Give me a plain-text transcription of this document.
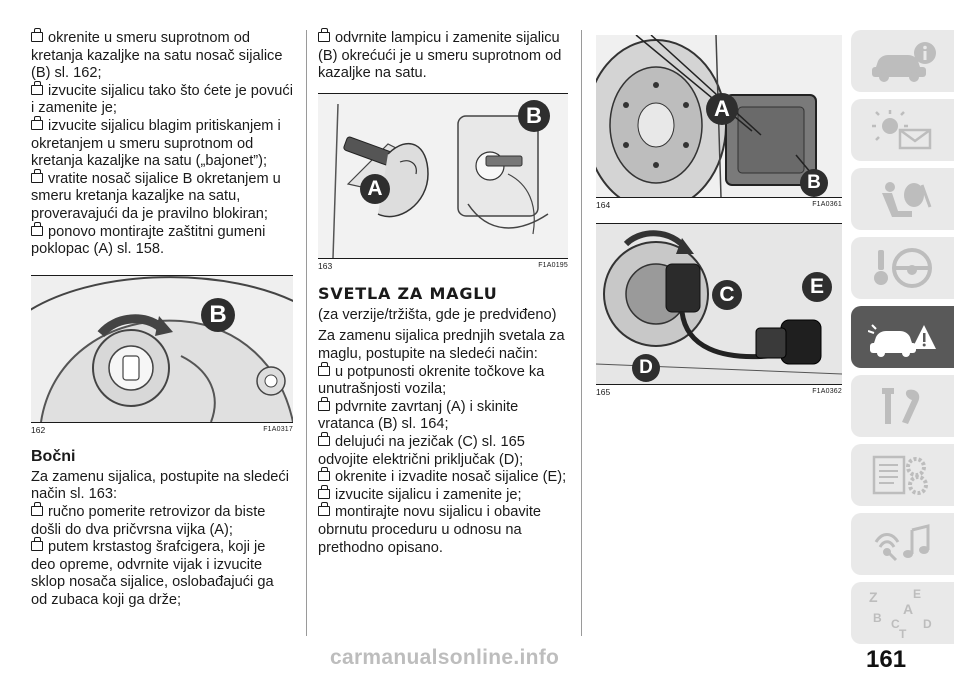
okrenite u smeru suprotnom od kretanja kazaljke na satu nosač sijalice (B) sl. 162;

izvucite sijalicu tako što ćete je povući i zamenite je;

izvucite sijalicu blagim pritiskanjem i okretanjem u smeru suprotnom od kretanja kazaljke na satu („bajonet”);

vratite nosač sijalice B okretanjem u smeru kretanja kazaljke na satu, proveravajući da je pravilno blokiran;

ponovo montirajte zaštitni gumeni poklopac (A) sl. 158.

B
162	F1A0317
Bočni

Za zamenu sijalica, postupite na sledeći način sl. 163:

ručno pomerite retrovizor da biste došli do dva pričvrsna vijka (A);

putem krstastog šrafcigera, koji je deo opreme, odvrnite vijak i izvucite sklop nosača sijalice, oslobađajući ga od zubaca koji ga drže;

odvrnite lampicu i zamenite sijalicu (B) okrećući je u smeru suprotnom od kazaljke na satu.

A
B
163	F1A0195
SVETLA ZA MAGLU

(za verzije/tržišta, gde je predviđeno)

Za zamenu sijalica prednjih svetala za maglu, postupite na sledeći način:

u potpunosti okrenite točkove ka unutrašnjosti vozila;

pdvrnite zavrtanj (A) i skinite vratanca (B) sl. 164;

delujući na jezičak (C) sl. 165 odvojite električni priključak (D);

okrenite i izvadite nosač sijalice (E);

izvucite sijalicu i zamenite je;

montirajte novu sijalicu i obavite obrnutu proceduru u odnosu na prethodno opisano.

A
B
164	F1A0361
C
D
E
165	F1A0362
Z	E
A
B C D
T
carmanualsonline.info	161
